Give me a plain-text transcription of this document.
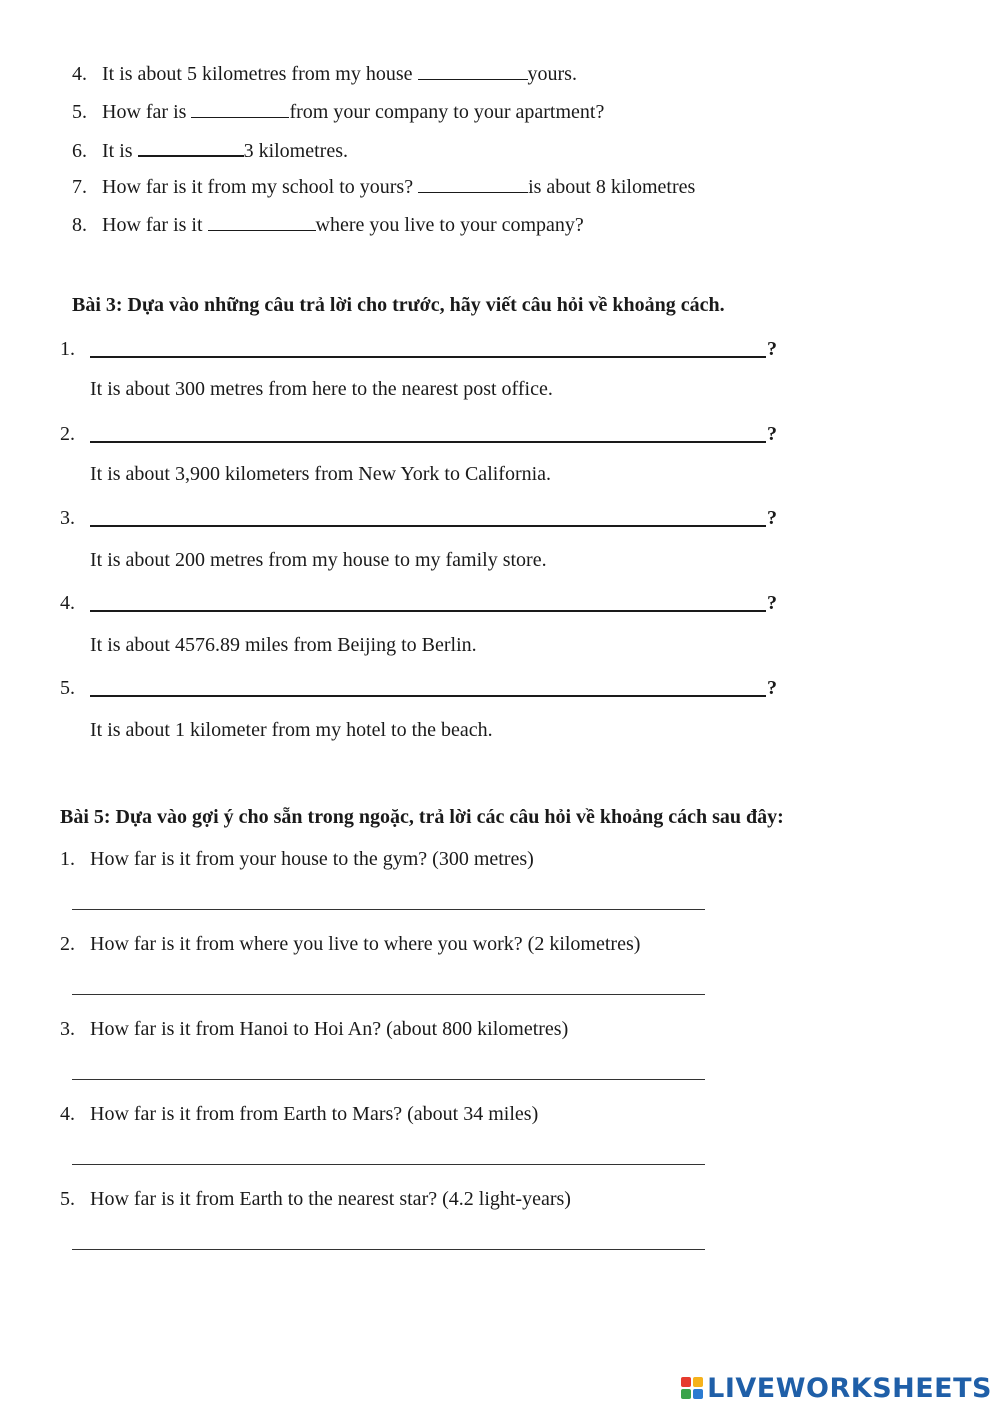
4. It is about 5 kilometres from my house	yours.
5. How far is	from your company to your apartment?
6. It is	3 kilometres.
7. How far is it from my school to yours?	is about 8 kilometres
8. How far is it	where you live to your company?
Bài 3: Dựa vào những câu trả lời cho trước, hãy viết câu hỏi về khoảng cách.
1.	?
It is about 300 metres from here to the nearest post office.
2.	?
It is about 3,900 kilometers from New York to California.
3.	?
It is about 200 metres from my house to my family store.
4.	?
It is about 4576.89 miles from Beijing to Berlin.
5.	?
It is about 1 kilometer from my hotel to the beach.
Bài 5: Dựa vào gợi ý cho sẵn trong ngoặc, trả lời các câu hỏi về khoảng cách sau đây:
1. How far is it from your house to the gym? (300 metres)
2. How far is it from where you live to where you work? (2 kilometres)
3. How far is it from Hanoi to Hoi An? (about 800 kilometres)
4. How far is it from from Earth to Mars? (about 34 miles)
5. How far is it from Earth to the nearest star? (4.2 light-years)
LIVEWORKSHEETS
